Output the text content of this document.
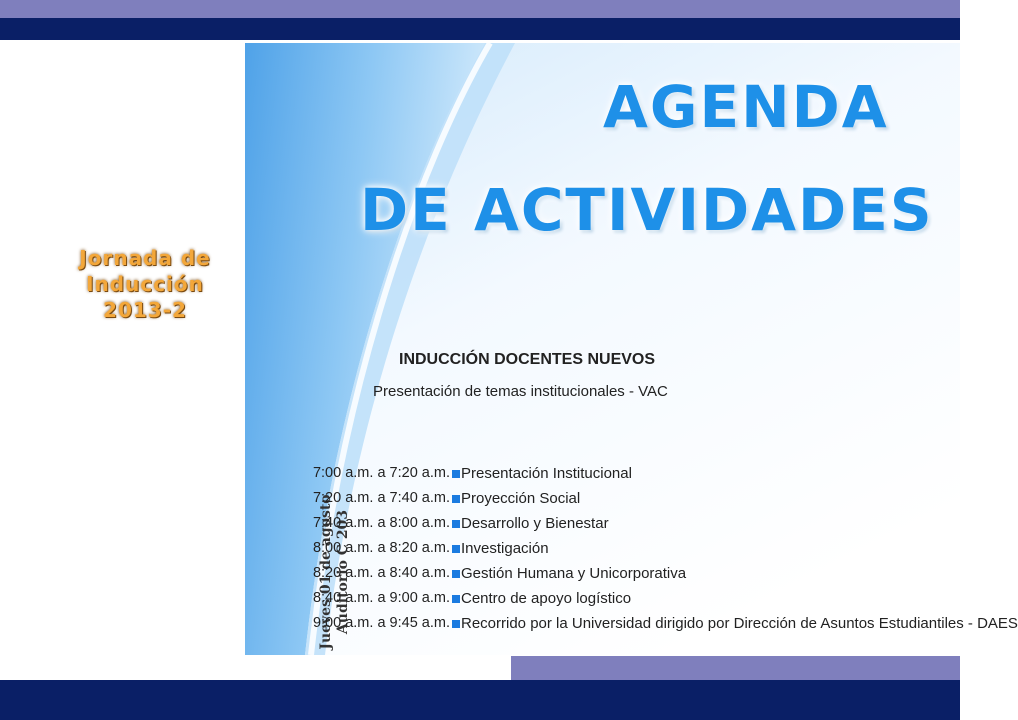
Jornada de
Inducción
2013-2
AGENDA
DE ACTIVIDADES
INDUCCIÓN DOCENTES NUEVOS
Presentación de temas institucionales - VAC
Jueves 01 de agosto Auditorio C 203
7:00 a.m. a 7:20 a.m. Presentación Institucional
7:20 a.m. a 7:40 a.m. Proyección Social
7:40 a.m. a 8:00 a.m. Desarrollo y Bienestar
8:00 a.m. a 8:20 a.m. Investigación
8:20 a.m. a 8:40 a.m. Gestión Humana y Unicorporativa
8:40 a.m. a 9:00 a.m. Centro de apoyo logístico
9:00 a.m. a 9:45 a.m. Recorrido por la Universidad dirigido por Dirección de Asuntos Estudiantiles - DAES
